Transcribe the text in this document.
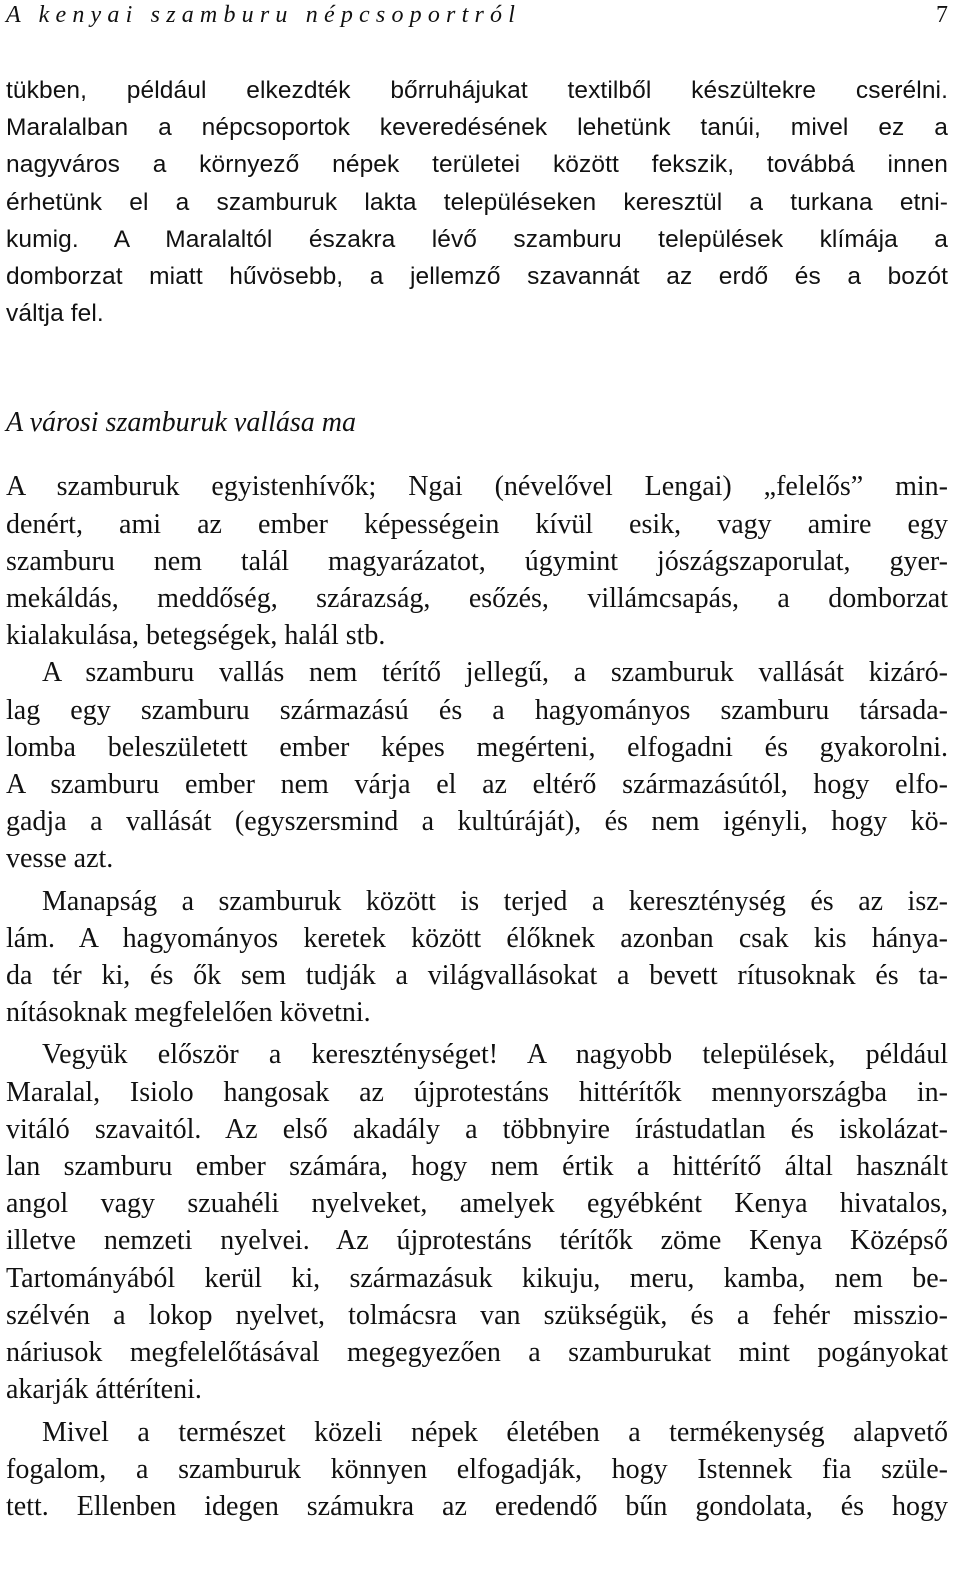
A kenyai szamburu népcsoportról	7
tükben, például elkezdték bőrruhájukat textilből készültekre cserélni.
Maralalban a népcsoportok keveredésének lehetünk tanúi, mivel ez a
nagyváros a környező népek területei között fekszik, továbbá innen
érhetünk el a szamburuk lakta településeken keresztül a turkana etni-
kumig. A Maralaltól északra lévő szamburu települések klímája a
domborzat miatt hűvösebb, a jellemző szavannát az erdő és a bozót
váltja fel.
A városi szamburuk vallása ma
A szamburuk egyistenhívők; Ngai (névelővel Lengai) „felelős” min-
denért, ami az ember képességein kívül esik, vagy amire egy
szamburu nem talál magyarázatot, úgymint jószágszaporulat, gyer-
mekáldás, meddőség, szárazság, esőzés, villámcsapás, a domborzat
kialakulása, betegségek, halál stb.
A szamburu vallás nem térítő jellegű, a szamburuk vallását kizáró-
lag egy szamburu származású és a hagyományos szamburu társada-
lomba beleszületett ember képes megérteni, elfogadni és gyakorolni.
A szamburu ember nem várja el az eltérő származásútól, hogy elfo-
gadja a vallását (egyszersmind a kultúráját), és nem igényli, hogy kö-
vesse azt.
Manapság a szamburuk között is terjed a kereszténység és az isz-
lám. A hagyományos keretek között élőknek azonban csak kis hánya-
da tér ki, és ők sem tudják a világvallásokat a bevett rítusoknak és ta-
nításoknak megfelelően követni.
Vegyük először a kereszténységet! A nagyobb települések, például
Maralal, Isiolo hangosak az újprotestáns hittérítők mennyországba in-
vitáló szavaitól. Az első akadály a többnyire írástudatlan és iskolázat-
lan szamburu ember számára, hogy nem értik a hittérítő által használt
angol vagy szuahéli nyelveket, amelyek egyébként Kenya hivatalos,
illetve nemzeti nyelvei. Az újprotestáns térítők zöme Kenya Középső
Tartományából kerül ki, származásuk kikuju, meru, kamba, nem be-
szélvén a lokop nyelvet, tolmácsra van szükségük, és a fehér misszio-
náriusok megfelelőtásával megegyezően a szamburukat mint pogányokat
akarják áttéríteni.
Mivel a természet közeli népek életében a termékenység alapvető
fogalom, a szamburuk könnyen elfogadják, hogy Istennek fia szüle-
tett. Ellenben idegen számukra az eredendő bűn gondolata, és hogy
